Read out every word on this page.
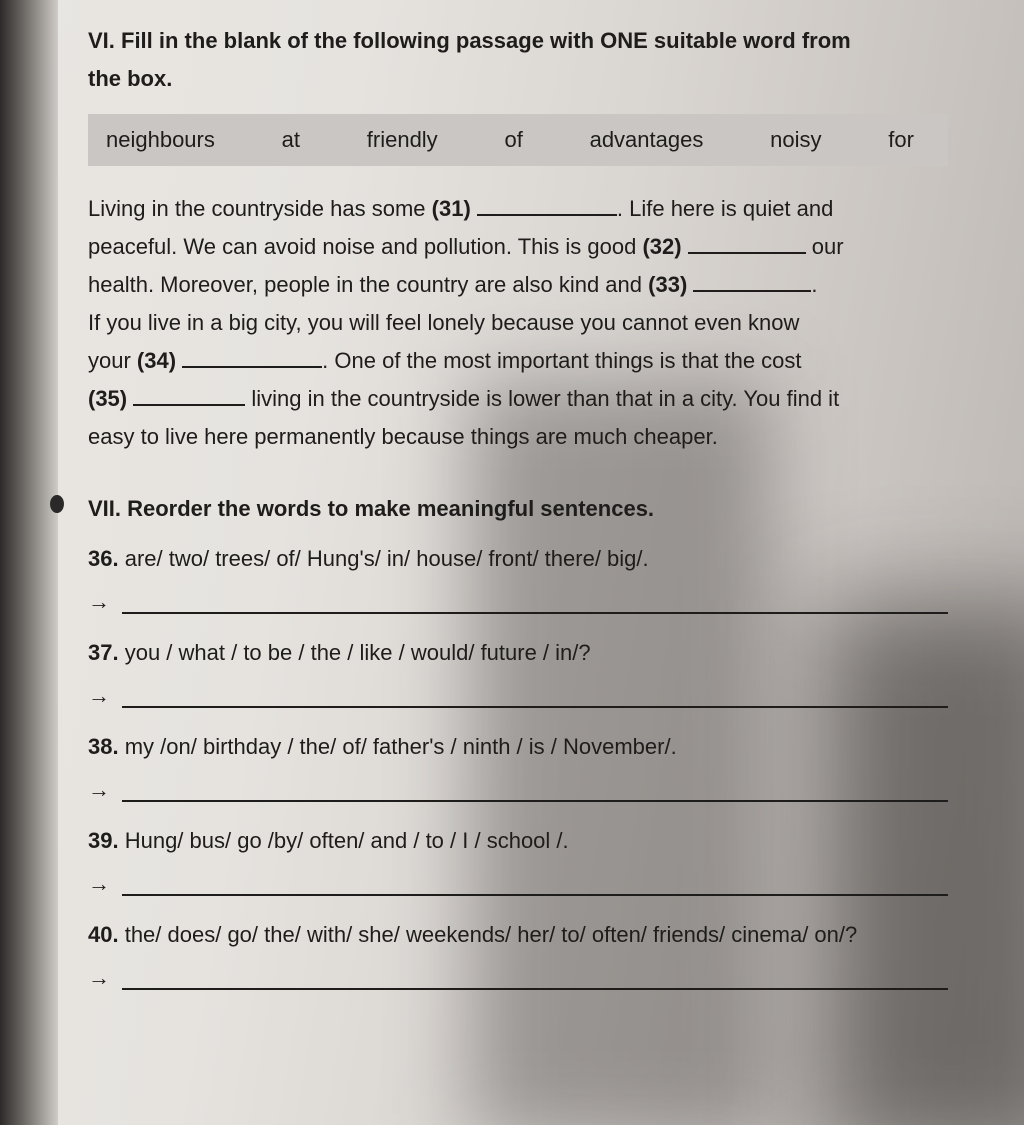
VI. Fill in the blank of the following passage with ONE suitable word from
the box.

neighbours	at	friendly	of	advantages	noisy	for
Living in the countryside has some (31)	. Life here is quiet and
peaceful. We can avoid noise and pollution. This is good (32)	our
health. Moreover, people in the country are also kind and (33)	.
If you live in a big city, you will feel lonely because you cannot even know
your (34)	. One of the most important things is that the cost
(35)	living in the countryside is lower than that in a city. You find it
easy to live here permanently because things are much cheaper.

VII. Reorder the words to make meaningful sentences.

36. are/ two/ trees/ of/ Hung's/ in/ house/ front/ there/ big/.
→
37. you / what / to be / the / like / would/ future / in/?
→
38. my /on/ birthday / the/ of/ father's / ninth / is / November/.
→
39. Hung/ bus/ go /by/ often/ and / to / I / school /.
→
40. the/ does/ go/ the/ with/ she/ weekends/ her/ to/ often/ friends/ cinema/ on/?
→
